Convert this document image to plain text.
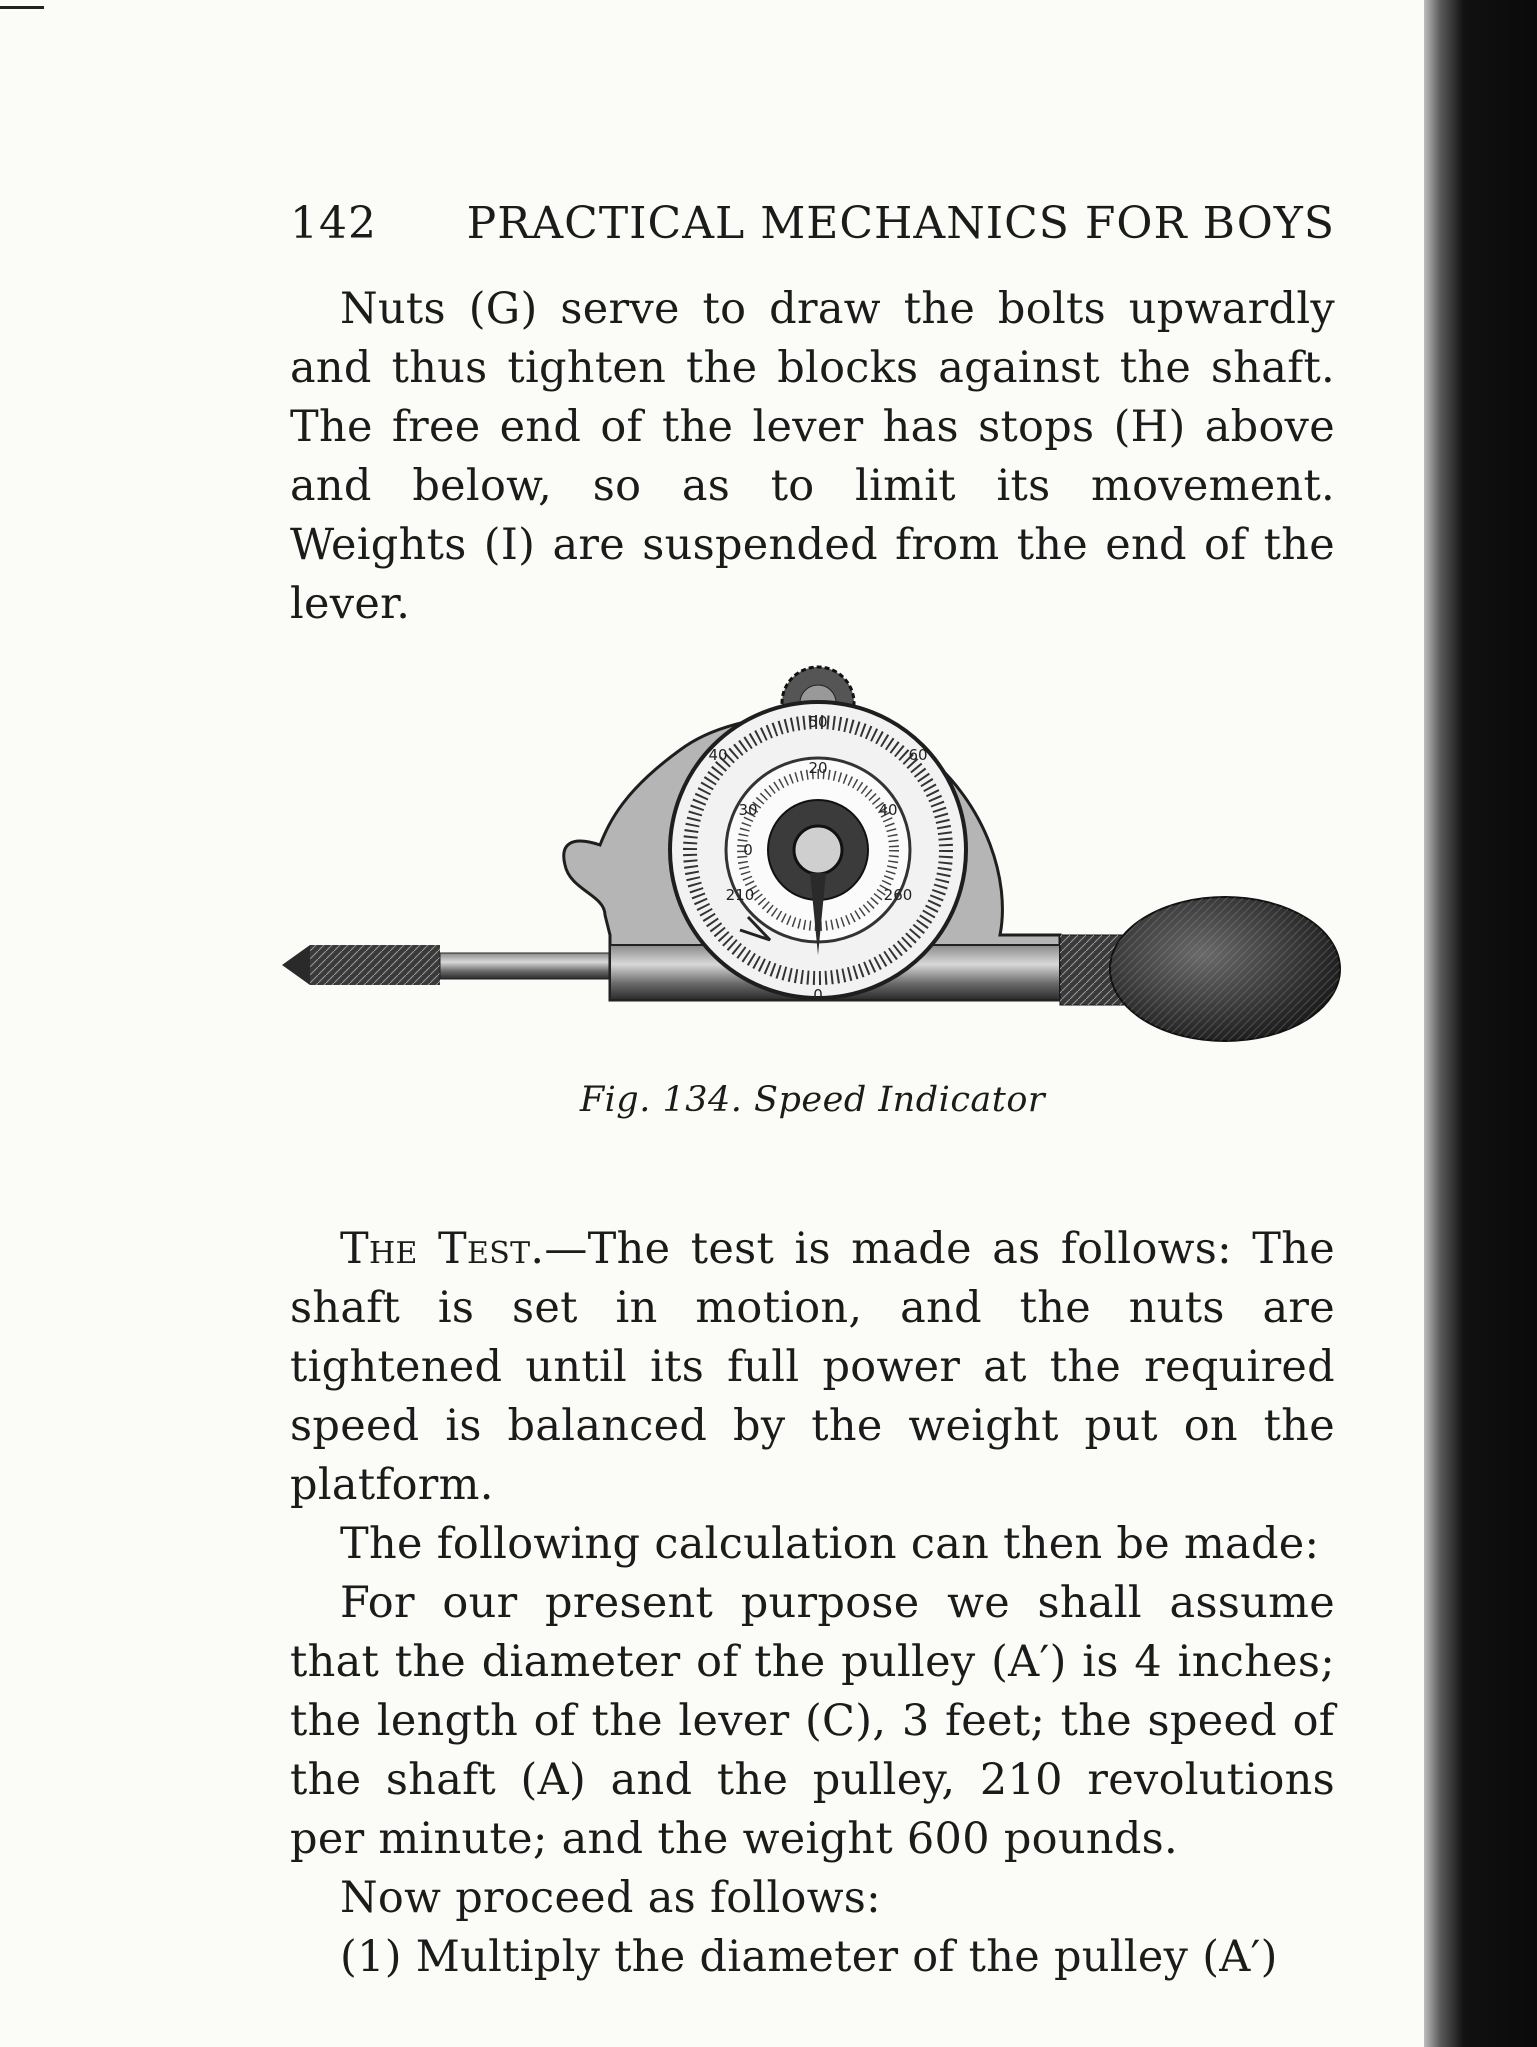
142 PRACTICAL MECHANICS FOR BOYS

Nuts (G) serve to draw the bolts upwardly and thus tighten the blocks against the shaft. The free end of the lever has stops (H) above and below, so as to limit its movement. Weights (I) are suspended from the end of the lever.

50
40	60
0
20
30	40
0
210	260
Fig. 134. Speed Indicator

The Test.—The test is made as follows: The shaft is set in motion, and the nuts are tightened until its full power at the required speed is balanced by the weight put on the platform.

The following calculation can then be made:

For our present purpose we shall assume that the diameter of the pulley (A′) is 4 inches; the length of the lever (C), 3 feet; the speed of the shaft (A) and the pulley, 210 revolutions per minute; and the weight 600 pounds.

Now proceed as follows:

(1) Multiply the diameter of the pulley (A′)
